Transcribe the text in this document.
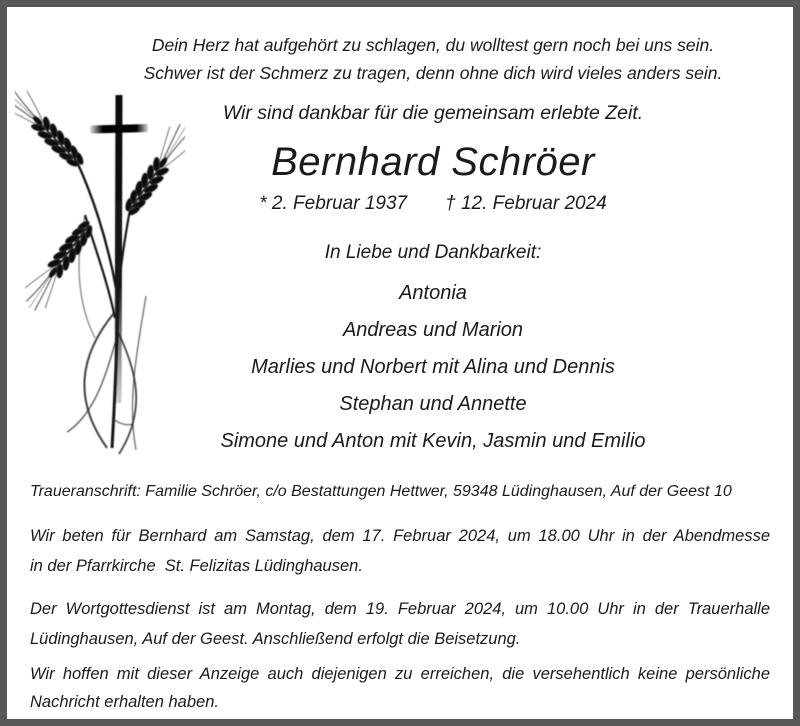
Dein Herz hat aufgehört zu schlagen, du wolltest gern noch bei uns sein.
Schwer ist der Schmerz zu tragen, denn ohne dich wird vieles anders sein.
Wir sind dankbar für die gemeinsam erlebte Zeit.
Bernhard Schröer
* 2. Februar 1937 † 12. Februar 2024
In Liebe und Dankbarkeit:
Antonia
Andreas und Marion
Marlies und Norbert mit Alina und Dennis
Stephan und Annette
Simone und Anton mit Kevin, Jasmin und Emilio

Traueranschrift: Familie Schröer, c/o Bestattungen Hettwer, 59348 Lüdinghausen, Auf der Geest 10

Wir beten für Bernhard am Samstag, dem 17. Februar 2024, um 18.00 Uhr in der Abendmesse
in der Pfarrkirche  St. Felizitas Lüdinghausen.

Der Wortgottesdienst ist am Montag, dem 19. Februar 2024, um 10.00 Uhr in der Trauerhalle
Lüdinghausen, Auf der Geest. Anschließend erfolgt die Beisetzung.

Wir hoffen mit dieser Anzeige auch diejenigen zu erreichen, die versehentlich keine persönliche
Nachricht erhalten haben.
